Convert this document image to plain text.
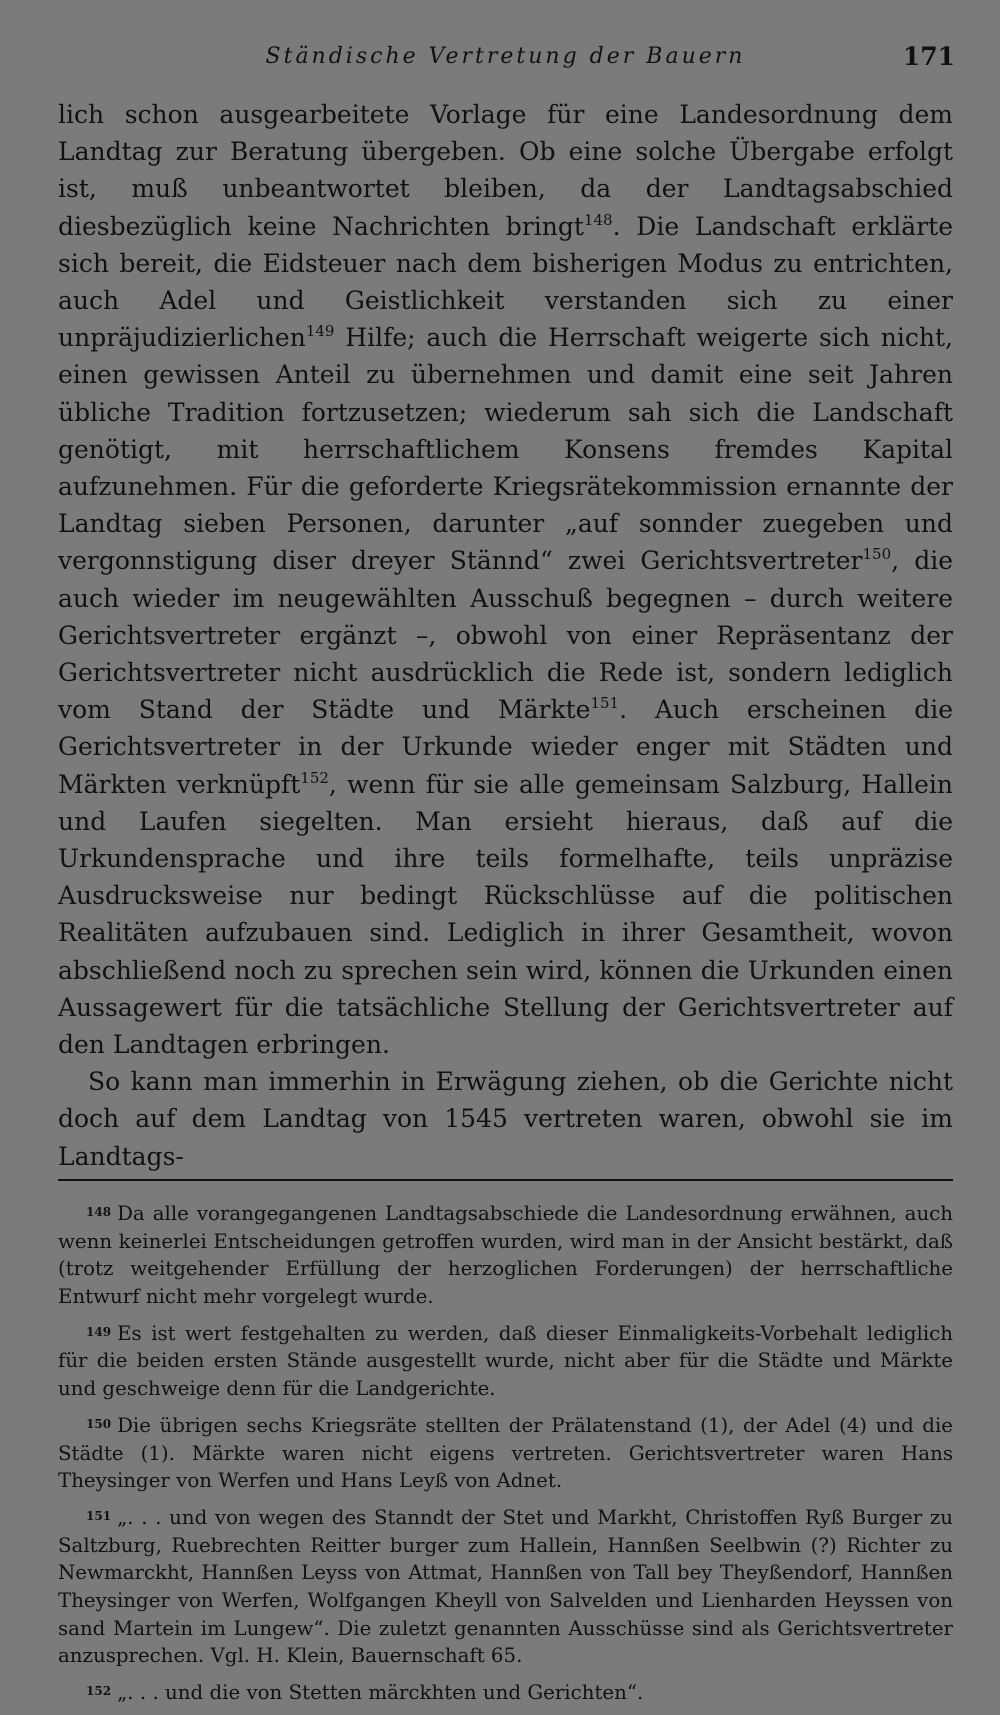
Ständische Vertretung der Bauern	171

lich schon ausgearbeitete Vorlage für eine Landesordnung dem Landtag zur Beratung übergeben. Ob eine solche Übergabe erfolgt ist, muß unbeantwortet bleiben, da der Landtagsabschied diesbezüglich keine Nachrichten bringt$^{148}$. Die Landschaft erklärte sich bereit, die Eidsteuer nach dem bisherigen Modus zu entrichten, auch Adel und Geistlichkeit verstanden sich zu einer unpräjudizierlichen$^{149}$ Hilfe; auch die Herrschaft weigerte sich nicht, einen gewissen Anteil zu übernehmen und damit eine seit Jahren übliche Tradition fortzusetzen; wiederum sah sich die Landschaft genötigt, mit herrschaftlichem Konsens fremdes Kapital aufzunehmen. Für die geforderte Kriegsrätekommission ernannte der Landtag sieben Personen, darunter „auf sonnder zuegeben und vergonnstigung diser dreyer Stännd“ zwei Gerichtsvertreter$^{150}$, die auch wieder im neugewählten Ausschuß begegnen – durch weitere Gerichtsvertreter ergänzt –, obwohl von einer Repräsentanz der Gerichtsvertreter nicht ausdrücklich die Rede ist, sondern lediglich vom Stand der Städte und Märkte$^{151}$. Auch erscheinen die Gerichtsvertreter in der Urkunde wieder enger mit Städten und Märkten verknüpft$^{152}$, wenn für sie alle gemeinsam Salzburg, Hallein und Laufen siegelten. Man ersieht hieraus, daß auf die Urkundensprache und ihre teils formelhafte, teils unpräzise Ausdrucksweise nur bedingt Rückschlüsse auf die politischen Realitäten aufzubauen sind. Lediglich in ihrer Gesamtheit, wovon abschließend noch zu sprechen sein wird, können die Urkunden einen Aussagewert für die tatsächliche Stellung der Gerichtsvertreter auf den Landtagen erbringen.

So kann man immerhin in Erwägung ziehen, ob die Gerichte nicht doch auf dem Landtag von 1545 vertreten waren, obwohl sie im Landtags-

$^{148}$ Da alle vorangegangenen Landtagsabschiede die Landesordnung erwähnen, auch wenn keinerlei Entscheidungen getroffen wurden, wird man in der Ansicht bestärkt, daß (trotz weitgehender Erfüllung der herzoglichen Forderungen) der herrschaftliche Entwurf nicht mehr vorgelegt wurde.

$^{149}$ Es ist wert festgehalten zu werden, daß dieser Einmaligkeits-Vorbehalt lediglich für die beiden ersten Stände ausgestellt wurde, nicht aber für die Städte und Märkte und geschweige denn für die Landgerichte.

$^{150}$ Die übrigen sechs Kriegsräte stellten der Prälatenstand (1), der Adel (4) und die Städte (1). Märkte waren nicht eigens vertreten. Gerichtsvertreter waren Hans Theysinger von Werfen und Hans Leyß von Adnet.

$^{151}$ „. . . und von wegen des Stanndt der Stet und Markht, Christoffen Ryß Burger zu Saltzburg, Ruebrechten Reitter burger zum Hallein, Hannßen Seelbwin (?) Richter zu Newmarckht, Hannßen Leyss von Attmat, Hannßen von Tall bey Theyßendorf, Hannßen Theysinger von Werfen, Wolfgangen Kheyll von Salvelden und Lienharden Heyssen von sand Martein im Lungew“. Die zuletzt genannten Ausschüsse sind als Gerichtsvertreter anzusprechen. Vgl. H. Klein, Bauernschaft 65.

$^{152}$ „. . . und die von Stetten märckhten und Gerichten“.
